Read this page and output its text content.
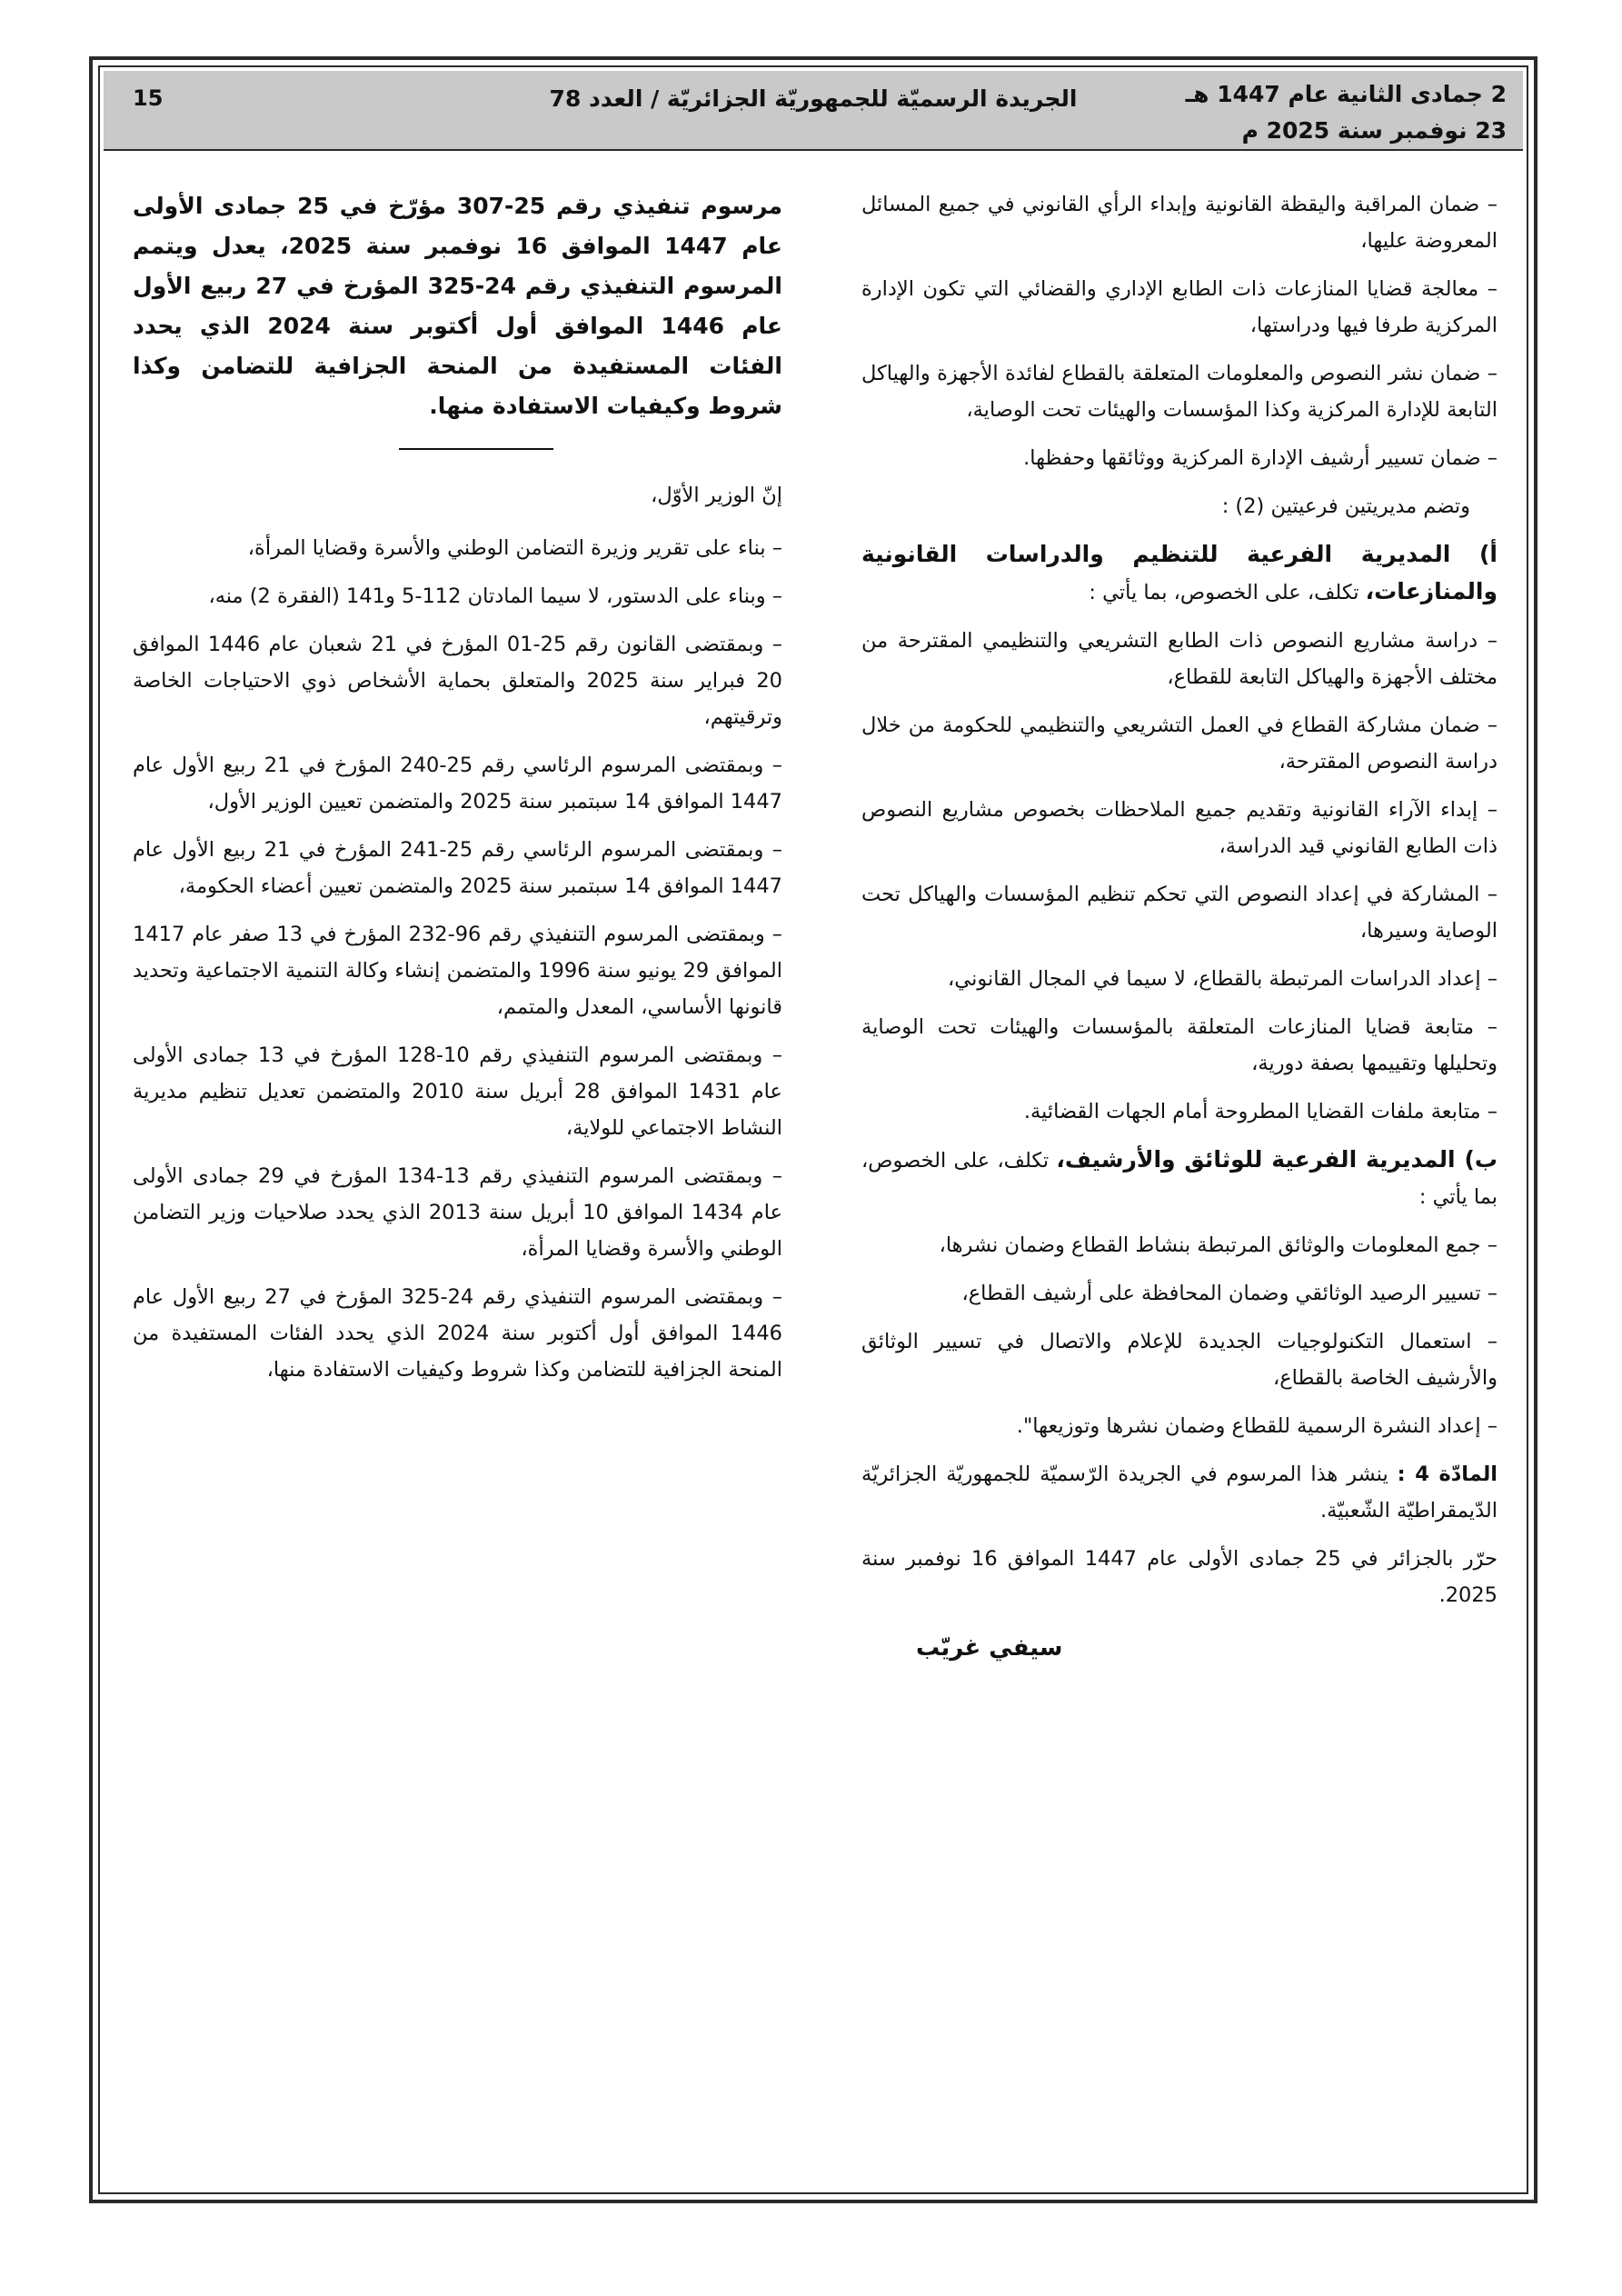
15	الجريدة الرسميّة للجمهوريّة الجزائريّة / العدد 78	2 جمادى الثانية عام 1447 هـ
23 نوفمبر سنة 2025 م

– ضمان المراقبة واليقظة القانونية وإبداء الرأي القانوني في جميع المسائل المعروضة عليها،

– معالجة قضايا المنازعات ذات الطابع الإداري والقضائي التي تكون الإدارة المركزية طرفا فيها ودراستها،

– ضمان نشر النصوص والمعلومات المتعلقة بالقطاع لفائدة الأجهزة والهياكل التابعة للإدارة المركزية وكذا المؤسسات والهيئات تحت الوصاية،

– ضمان تسيير أرشيف الإدارة المركزية ووثائقها وحفظها.

وتضم مديريتين فرعيتين (2) :

أ) المديرية الفرعية للتنظيم والدراسات القانونية والمنازعات، تكلف، على الخصوص، بما يأتي :

– دراسة مشاريع النصوص ذات الطابع التشريعي والتنظيمي المقترحة من مختلف الأجهزة والهياكل التابعة للقطاع،

– ضمان مشاركة القطاع في العمل التشريعي والتنظيمي للحكومة من خلال دراسة النصوص المقترحة،

– إبداء الآراء القانونية وتقديم جميع الملاحظات بخصوص مشاريع النصوص ذات الطابع القانوني قيد الدراسة،

– المشاركة في إعداد النصوص التي تحكم تنظيم المؤسسات والهياكل تحت الوصاية وسيرها،

– إعداد الدراسات المرتبطة بالقطاع، لا سيما في المجال القانوني،

– متابعة قضايا المنازعات المتعلقة بالمؤسسات والهيئات تحت الوصاية وتحليلها وتقييمها بصفة دورية،

– متابعة ملفات القضايا المطروحة أمام الجهات القضائية.

ب) المديرية الفرعية للوثائق والأرشيف، تكلف، على الخصوص، بما يأتي :

– جمع المعلومات والوثائق المرتبطة بنشاط القطاع وضمان نشرها،

– تسيير الرصيد الوثائقي وضمان المحافظة على أرشيف القطاع،

– استعمال التكنولوجيات الجديدة للإعلام والاتصال في تسيير الوثائق والأرشيف الخاصة بالقطاع،

– إعداد النشرة الرسمية للقطاع وضمان نشرها وتوزيعها".

المادّة 4 : ينشر هذا المرسوم في الجريدة الرّسميّة للجمهوريّة الجزائريّة الدّيمقراطيّة الشّعبيّة.

حرّر بالجزائر في 25 جمادى الأولى عام 1447 الموافق 16 نوفمبر سنة 2025.

سيفي غريّب

مرسوم تنفيذي رقم 25-307 مؤرّخ في 25 جمادى الأولى عام 1447 الموافق 16 نوفمبر سنة 2025، يعدل ويتمم المرسوم التنفيذي رقم 24-325 المؤرخ في 27 ربيع الأول عام 1446 الموافق أول أكتوبر سنة 2024 الذي يحدد الفئات المستفيدة من المنحة الجزافية للتضامن وكذا شروط وكيفيات الاستفادة منها.

إنّ الوزير الأوّل،

– بناء على تقرير وزيرة التضامن الوطني والأسرة وقضايا المرأة،

– وبناء على الدستور، لا سيما المادتان 112-5 و141 (الفقرة 2) منه،

– وبمقتضى القانون رقم 25-01 المؤرخ في 21 شعبان عام 1446 الموافق 20 فبراير سنة 2025 والمتعلق بحماية الأشخاص ذوي الاحتياجات الخاصة وترقيتهم،

– وبمقتضى المرسوم الرئاسي رقم 25-240 المؤرخ في 21 ربيع الأول عام 1447 الموافق 14 سبتمبر سنة 2025 والمتضمن تعيين الوزير الأول،

– وبمقتضى المرسوم الرئاسي رقم 25-241 المؤرخ في 21 ربيع الأول عام 1447 الموافق 14 سبتمبر سنة 2025 والمتضمن تعيين أعضاء الحكومة،

– وبمقتضى المرسوم التنفيذي رقم 96-232 المؤرخ في 13 صفر عام 1417 الموافق 29 يونيو سنة 1996 والمتضمن إنشاء وكالة التنمية الاجتماعية وتحديد قانونها الأساسي، المعدل والمتمم،

– وبمقتضى المرسوم التنفيذي رقم 10-128 المؤرخ في 13 جمادى الأولى عام 1431 الموافق 28 أبريل سنة 2010 والمتضمن تعديل تنظيم مديرية النشاط الاجتماعي للولاية،

– وبمقتضى المرسوم التنفيذي رقم 13-134 المؤرخ في 29 جمادى الأولى عام 1434 الموافق 10 أبريل سنة 2013 الذي يحدد صلاحيات وزير التضامن الوطني والأسرة وقضايا المرأة،

– وبمقتضى المرسوم التنفيذي رقم 24-325 المؤرخ في 27 ربيع الأول عام 1446 الموافق أول أكتوبر سنة 2024 الذي يحدد الفئات المستفيدة من المنحة الجزافية للتضامن وكذا شروط وكيفيات الاستفادة منها،
